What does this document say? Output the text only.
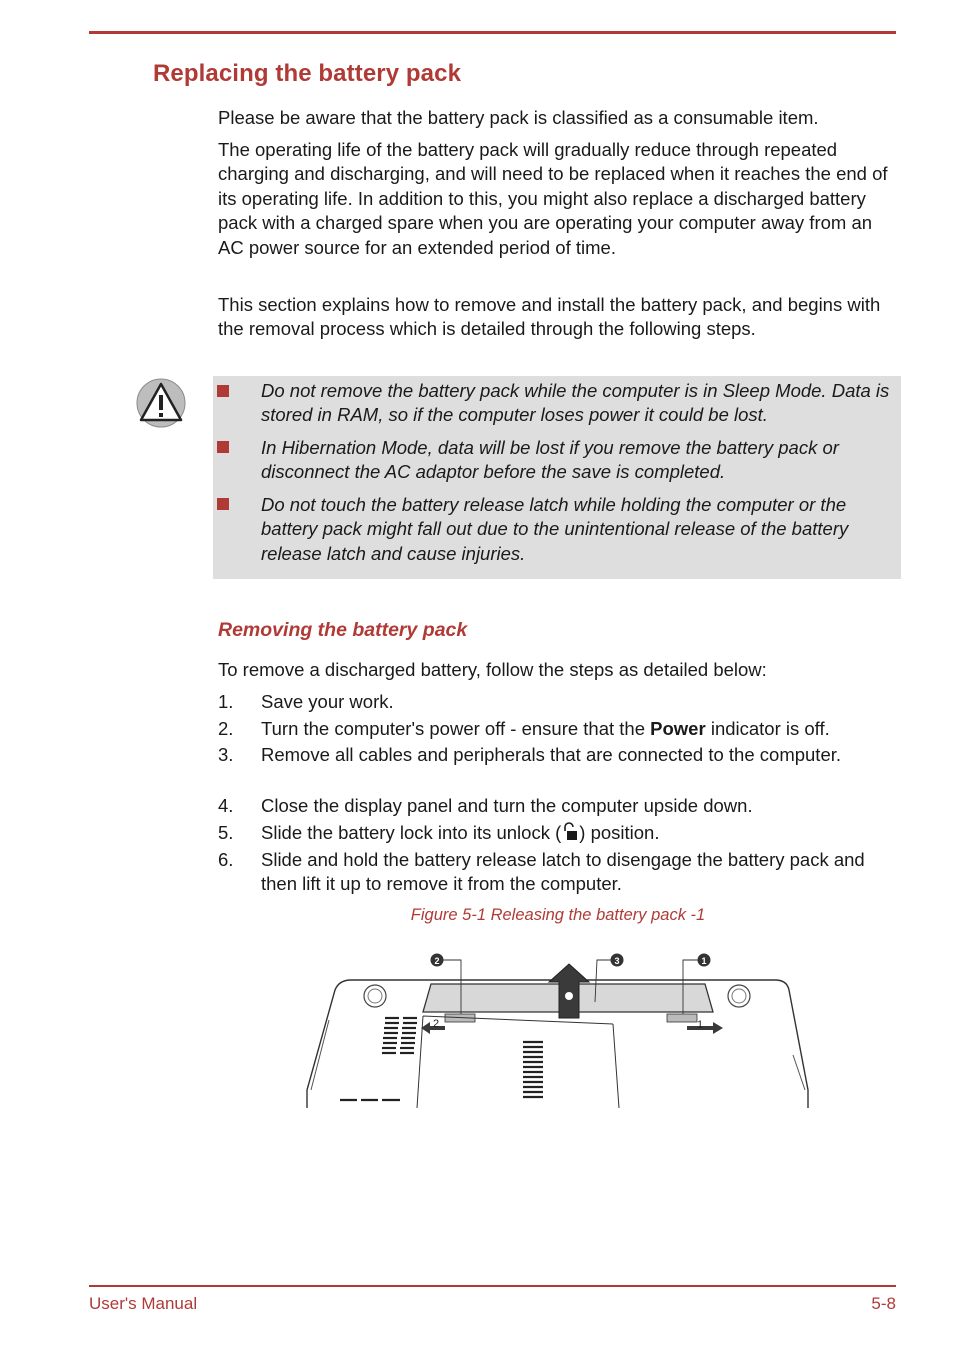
Replacing the battery pack

Please be aware that the battery pack is classified as a consumable item.

The operating life of the battery pack will gradually reduce through repeated charging and discharging, and will need to be replaced when it reaches the end of its operating life. In addition to this, you might also replace a discharged battery pack with a charged spare when you are operating your computer away from an AC power source for an extended period of time.

This section explains how to remove and install the battery pack, and begins with the removal process which is detailed through the following steps.

Do not remove the battery pack while the computer is in Sleep Mode. Data is stored in RAM, so if the computer loses power it could be lost.

In Hibernation Mode, data will be lost if you remove the battery pack or disconnect the AC adaptor before the save is completed.

Do not touch the battery release latch while holding the computer or the battery pack might fall out due to the unintentional release of the battery release latch and cause injuries.

Removing the battery pack

To remove a discharged battery, follow the steps as detailed below:

1. Save your work.

2. Turn the computer's power off - ensure that the Power indicator is off.

3. Remove all cables and peripherals that are connected to the computer.

4. Close the display panel and turn the computer upside down.

5. Slide the battery lock into its unlock ( ) position.

6. Slide and hold the battery release latch to disengage the battery pack and then lift it up to remove it from the computer.

Figure 5-1 Releasing the battery pack -1
2	1
2	3	1
User's Manual	5-8
